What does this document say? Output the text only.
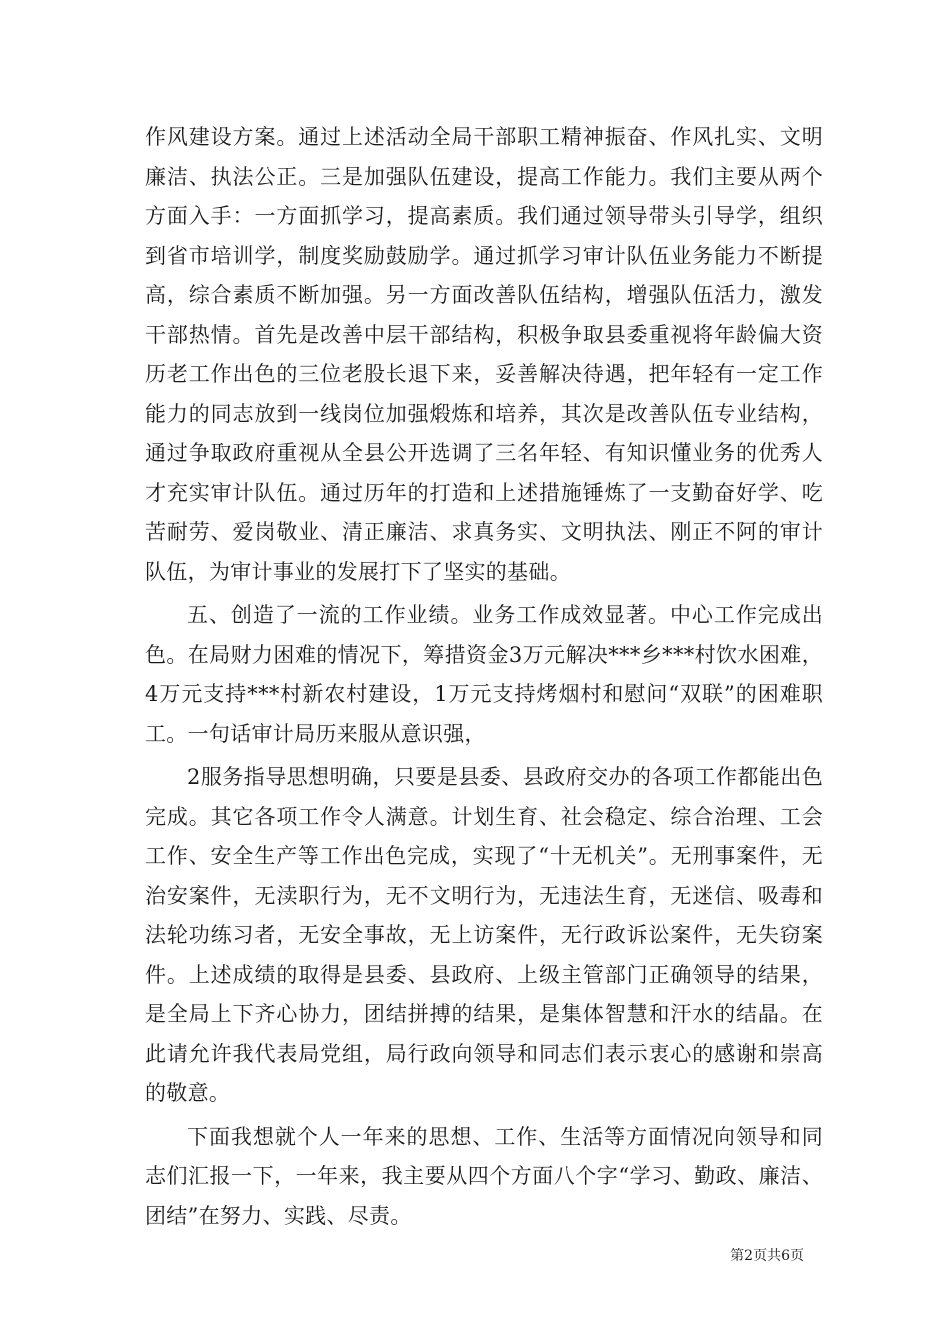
作风建设方案。通过上述活动全局干部职工精神振奋、作风扎实、文明廉洁、执法公正。三是加强队伍建设，提高工作能力。我们主要从两个方面入手：一方面抓学习，提高素质。我们通过领导带头引导学，组织到省市培训学，制度奖励鼓励学。通过抓学习审计队伍业务能力不断提高，综合素质不断加强。另一方面改善队伍结构，增强队伍活力，激发干部热情。首先是改善中层干部结构，积极争取县委重视将年龄偏大资历老工作出色的三位老股长退下来，妥善解决待遇，把年轻有一定工作能力的同志放到一线岗位加强煅炼和培养，其次是改善队伍专业结构，通过争取政府重视从全县公开选调了三名年轻、有知识懂业务的优秀人才充实审计队伍。通过历年的打造和上述措施锤炼了一支勤奋好学、吃苦耐劳、爱岗敬业、清正廉洁、求真务实、文明执法、刚正不阿的审计队伍，为审计事业的发展打下了坚实的基础。

五、创造了一流的工作业绩。业务工作成效显著。中心工作完成出色。在局财力困难的情况下，筹措资金3万元解决***乡***村饮水困难，4万元支持***村新农村建设，1万元支持烤烟村和慰问“双联”的困难职工。一句话审计局历来服从意识强，

2服务指导思想明确，只要是县委、县政府交办的各项工作都能出色完成。其它各项工作令人满意。计划生育、社会稳定、综合治理、工会工作、安全生产等工作出色完成，实现了“十无机关”。无刑事案件，无治安案件，无渎职行为，无不文明行为，无违法生育，无迷信、吸毒和法轮功练习者，无安全事故，无上访案件，无行政诉讼案件，无失窃案件。上述成绩的取得是县委、县政府、上级主管部门正确领导的结果，是全局上下齐心协力，团结拼搏的结果，是集体智慧和汗水的结晶。在此请允许我代表局党组，局行政向领导和同志们表示衷心的感谢和崇高的敬意。

下面我想就个人一年来的思想、工作、生活等方面情况向领导和同志们汇报一下，一年来，我主要从四个方面八个字“学习、勤政、廉洁、团结”在努力、实践、尽责。

第2页共6页
